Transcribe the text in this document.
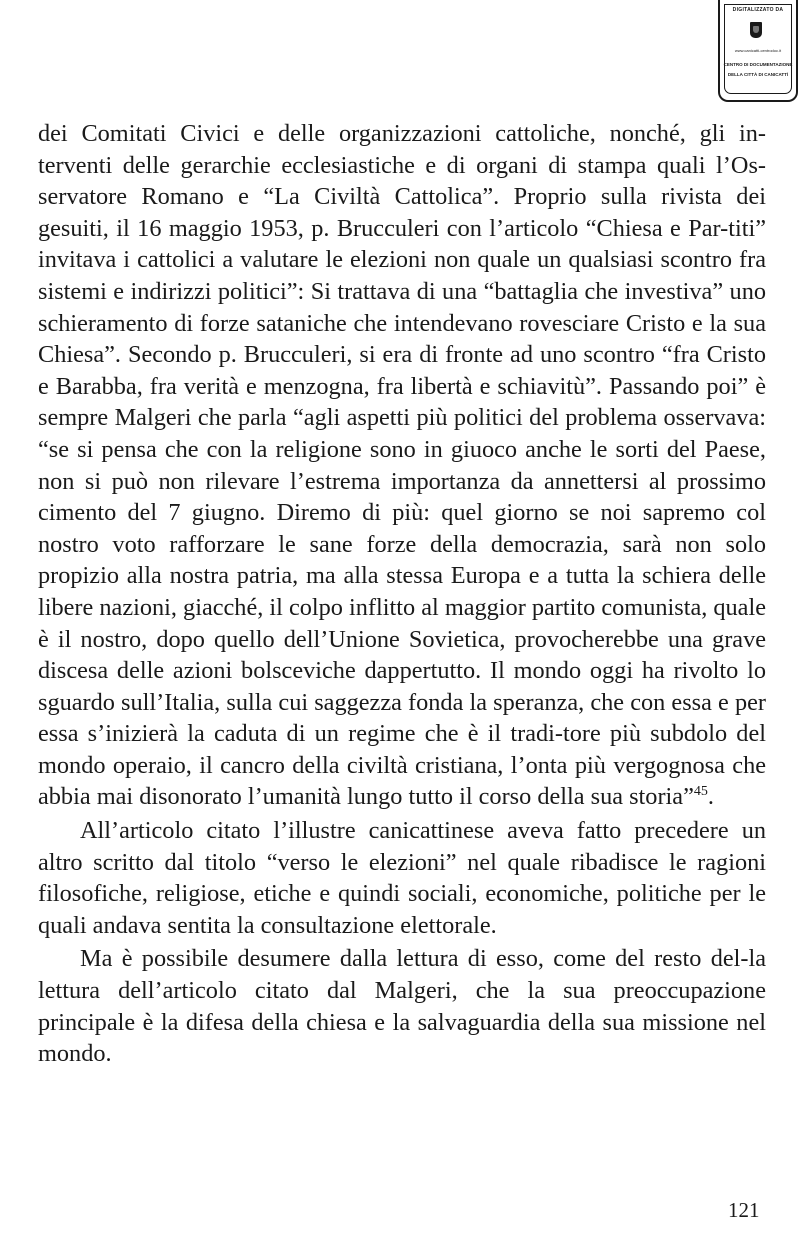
DIGITALIZZATO DA
www.canicatti-centrodoc.it
CENTRO DI DOCUMENTAZIONE
DELLA CITTÀ DI CANICATTÌ

dei Comitati Civici e delle organizzazioni cattoliche, nonché, gli in-terventi delle gerarchie ecclesiastiche e di organi di stampa quali l’Os-servatore Romano e “La Civiltà Cattolica”. Proprio sulla rivista dei gesuiti, il 16 maggio 1953, p. Brucculeri con l’articolo “Chiesa e Par-titi” invitava i cattolici a valutare le elezioni non quale un qualsiasi scontro fra sistemi e indirizzi politici”: Si trattava di una “battaglia che investiva” uno schieramento di forze sataniche che intendevano rovesciare Cristo e la sua Chiesa”. Secondo p. Brucculeri, si era di fronte ad uno scontro “fra Cristo e Barabba, fra verità e menzogna, fra libertà e schiavitù”. Passando poi” è sempre Malgeri che parla “agli aspetti più politici del problema osservava: “se si pensa che con la religione sono in giuoco anche le sorti del Paese, non si può non rilevare l’estrema importanza da annettersi al prossimo cimento del 7 giugno. Diremo di più: quel giorno se noi sapremo col nostro voto rafforzare le sane forze della democrazia, sarà non solo propizio alla nostra patria, ma alla stessa Europa e a tutta la schiera delle libere nazioni, giacché, il colpo inflitto al maggior partito comunista, quale è il nostro, dopo quello dell’Unione Sovietica, provocherebbe una grave discesa delle azioni bolsceviche dappertutto. Il mondo oggi ha rivolto lo sguardo sull’Italia, sulla cui saggezza fonda la speranza, che con essa e per essa s’inizierà la caduta di un regime che è il tradi-tore più subdolo del mondo operaio, il cancro della civiltà cristiana, l’onta più vergognosa che abbia mai disonorato l’umanità lungo tutto il corso della sua storia”$^{45}$.

All’articolo citato l’illustre canicattinese aveva fatto precedere un altro scritto dal titolo “verso le elezioni” nel quale ribadisce le ragioni filosofiche, religiose, etiche e quindi sociali, economiche, politiche per le quali andava sentita la consultazione elettorale.

Ma è possibile desumere dalla lettura di esso, come del resto del-la lettura dell’articolo citato dal Malgeri, che la sua preoccupazione principale è la difesa della chiesa e la salvaguardia della sua missione nel mondo.

121
